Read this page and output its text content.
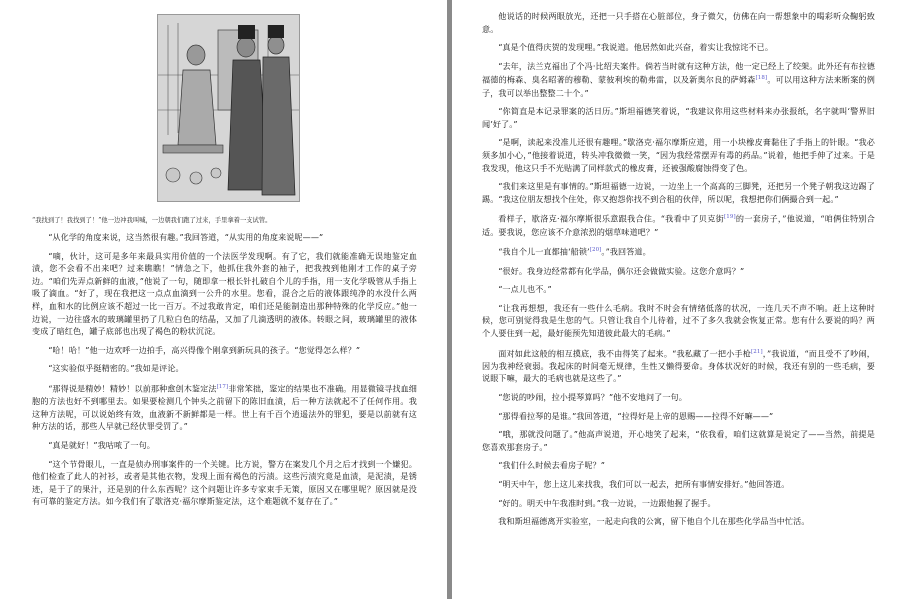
“我找到了！我找到了！”他一边冲我叫喊，一边朝我们跑了过来，手里拿着一支试管。

“从化学的角度来说，这当然很有趣。”我回答道，“从实用的角度来说呢——”

“嘀，伙计，这可是多年来最具实用价值的一个法医学发现啊。有了它，我们就能准确无误地鉴定血渍，您不会看不出来吧？过来瞧瞧！”情急之下，他抓住我外套的袖子，把我拽到他刚才工作的桌子旁边。“咱们先弄点新鲜的血液，”他说了一句，随即拿一根长针扎破自个儿的手指，用一支化学吸管从手指上吸了滴血。“好了，现在我把这一点点血滴到一公升的水里。您看，混合之后的液体跟纯净的水没什么两样，血和水的比例应该不超过一比一百万。不过我敢肯定，咱们还是能制造出那种特殊的化学反应。”他一边说，一边往盛水的玻璃罐里扔了几粒白色的结晶，又加了几滴透明的液体。转眼之间，玻璃罐里的液体变成了暗红色，罐子底部也出现了褐色的粉状沉淀。

“哈！哈！”他一边欢呼一边拍手，高兴得像个刚拿到新玩具的孩子。“您觉得怎么样？”

“这实验似乎挺精密的。”我如是评论。

“那得说是精妙！精妙！以前那种愈创木鉴定法[17]非常笨拙，鉴定的结果也不准确。用显微镜寻找血细胞的方法也好不到哪里去。如果要检测几个钟头之前留下的陈旧血渍，后一种方法就起不了任何作用。我这种方法呢，可以说始终有效，血液新不新鲜都是一样。世上有千百个逍遥法外的罪犯，要是以前就有这种方法的话，那些人早就已经伏罪受罚了。”

“真是就好！”我咕哝了一句。

“这个节骨眼儿，一直是侦办刑事案件的一个关键。比方说，警方在案发几个月之后才找到一个嫌犯。他们检查了此人的衬衫，或者是其他衣物，发现上面有褐色的污渍。这些污渍究竟是血渍，是泥渍，是锈迹，是于了的果汁，还是别的什么东西呢？这个问题让许多专家束手无策，原因又在哪里呢？原因就是没有可靠的鉴定方法。如今我们有了歇洛克·福尔摩斯鉴定法，这个难题就不复存在了。”

他说话的时候两眼放光，还把一只手搭在心脏部位，身子微欠，仿佛在向一帮想象中的喝彩听众鞠躬致意。

“真是个值得庆贺的发现哩。”我说道。他居然如此兴奋，着实让我惊诧不已。

“去年，法兰克福出了个冯·比绍夫案件。倘若当时就有这种方法，他一定已经上了绞架。此外还有布拉德福德的梅森、臭名昭著的穆勒、蒙彼利埃的勒弗雷，以及新奥尔良的萨姆森[18]。可以用这种方法来断案的例子，我可以举出整整二十个。”

“你简直是本记录罪案的活日历。”斯坦福德笑着说，“我建议你用这些材料来办张报纸，名字就叫‘警界旧闻’好了。”

“是啊，读起来没准儿还很有趣哩。”歇洛克·福尔摩斯应道，用一小块橡皮膏黏住了手指上的针眼。“我必须多加小心，”他接着说道，转头冲我微微一笑，“因为我经常摆弄有毒的药品。”说着，他把手伸了过来。于是我发现，他这只手不光贴满了同样款式的橡皮膏，还被强酸腐蚀得变了色。

“我们来这里是有事情的。”斯坦福德一边说，一边坐上一个高高的三脚凳，还把另一个凳子朝我这边踢了踢。“我这位朋友想找个住处，你又抱怨你找不到合租的伙伴，所以呢，我想把你们俩撮合到一起。”

看样子，歇洛克·福尔摩斯很乐意跟我合住。“我看中了贝克街[19]的一套房子，”他说道，“咱俩住特别合适。要我说，您应该不介意浓烈的烟草味道吧？”

“我自个儿一直都抽‘船锁’[20]。”我回答道。

“很好。我身边经常都有化学品，偶尔还会做做实验。这您介意吗？”

“一点儿也不。”

“让我再想想，我还有一些什么毛病。我时不时会有情绪低落的状况，一连几天不声不响。赶上这种时候，您可别觉得我是生您的气。只管让我自个儿待着，过不了多久我就会恢复正常。您有什么要说的吗？两个人要住到一起，最好能预先知道彼此最大的毛病。”

面对如此这般的相互摸底，我不由得笑了起来。“我私藏了一把小手枪[21]，”我说道，“而且受不了吵闹，因为我神经衰弱。我起床的时间毫无规律，生性又懒得要命。身体状况好的时候，我还有别的一些毛病，要说眼下嘛，最大的毛病也就是这些了。”

“您说的吵闹，拉小提琴算吗？”他不安地问了一句。

“那得看拉琴的是谁。”我回答道，“拉得好是上帝的恩赐——拉得不好嘛——”

“哦，那就没问题了。”他高声说道，开心地笑了起来，“依我看，咱们这就算是说定了——当然，前提是您喜欢那套房子。”

“我们什么时候去看房子呢？”

“明天中午，您上这儿来找我，我们可以一起去，把所有事情安排好。”他回答道。

“好的。明天中午我准时到。”我一边说，一边跟他握了握手。

我和斯坦福德离开实验室，一起走向我的公寓，留下他自个儿在那些化学品当中忙活。
